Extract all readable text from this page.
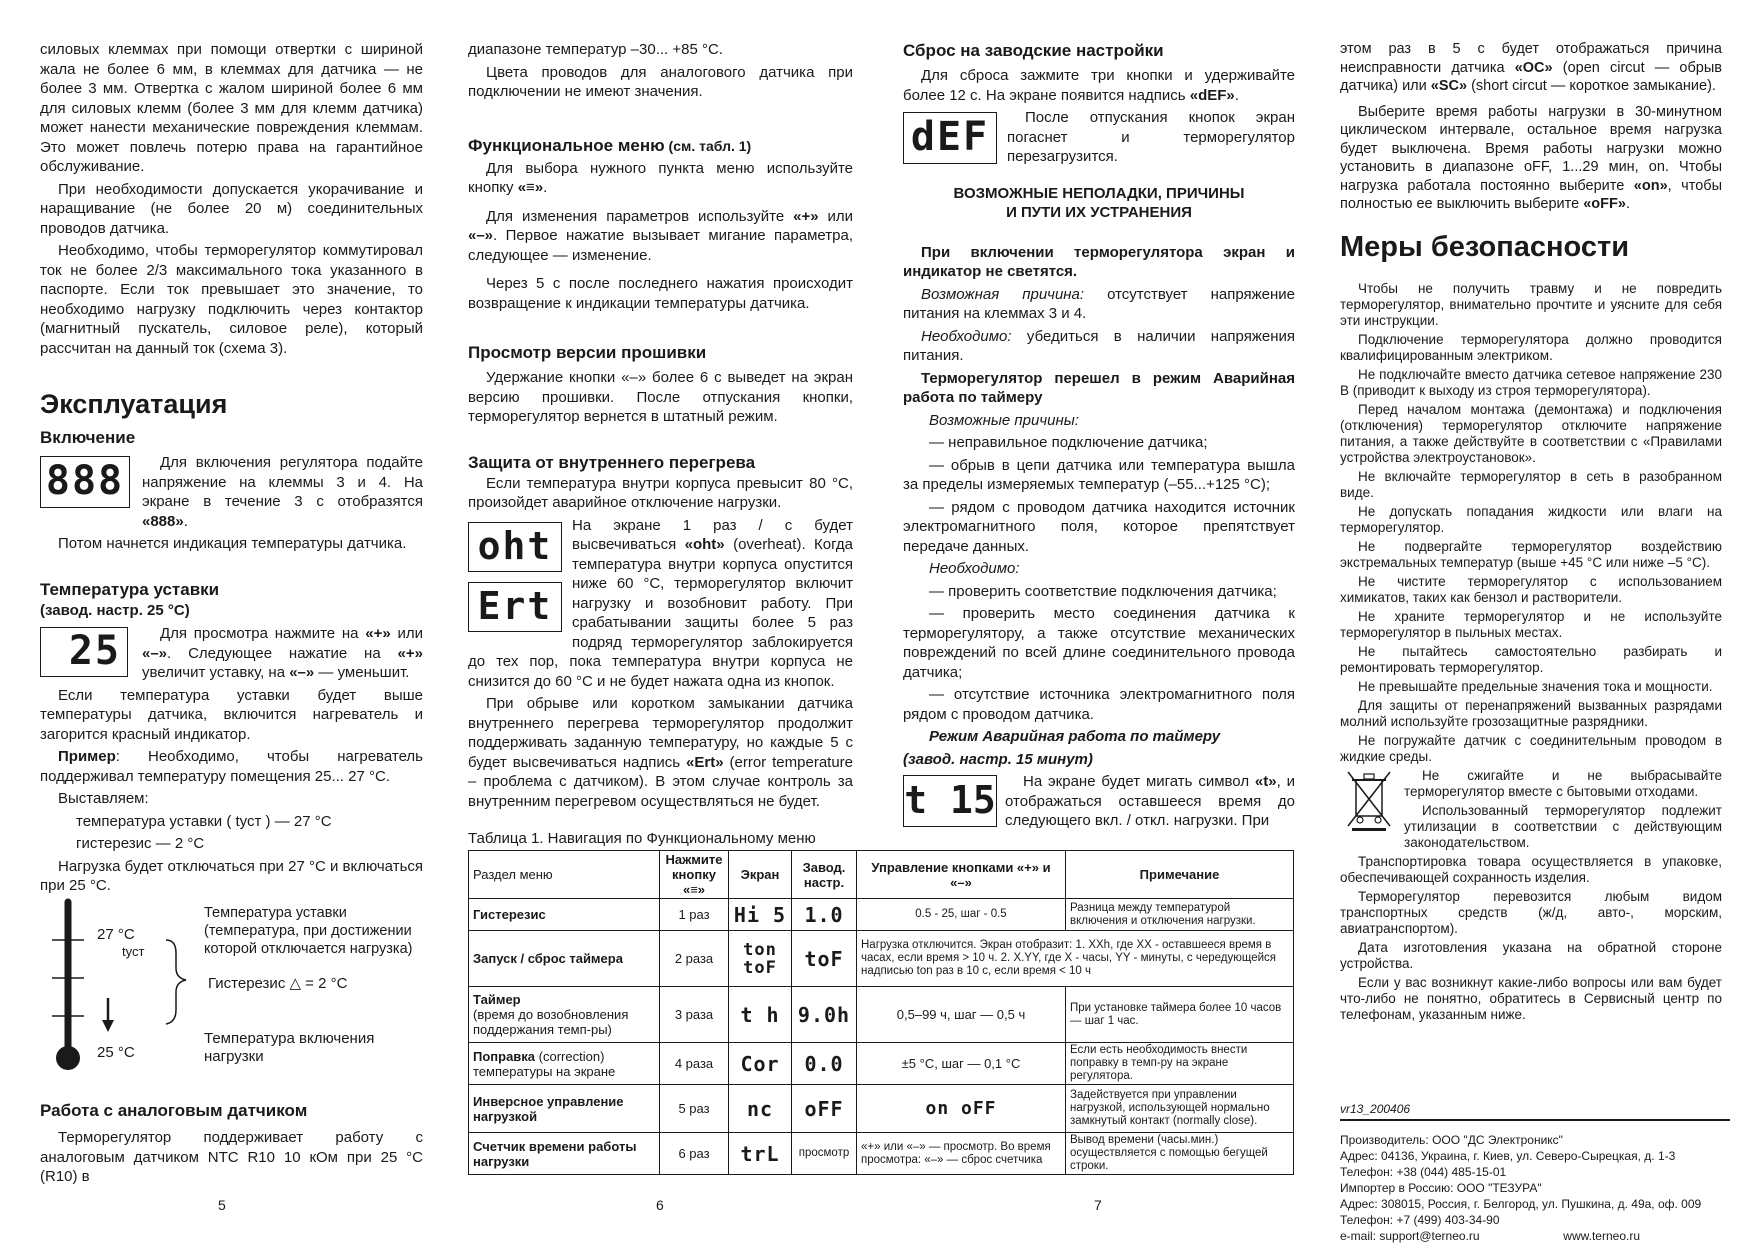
силовых клеммах при помощи отвертки с шириной жала не более 6 мм, в клеммах для датчика — не более 3 мм. Отвертка с жалом шириной более 6 мм для силовых клемм (более 3 мм для клемм датчика) может нанести механические повреждения клеммам. Это может повлечь потерю права на гарантийное обслуживание.

При необходимости допускается укорачивание и наращивание (не более 20 м) соединительных проводов датчика.

Необходимо, чтобы терморегулятор коммутировал ток не более 2/3 максимального тока указанного в паспорте. Если ток превышает это значение, то необходимо нагрузку подключить через контактор (магнитный пускатель, силовое реле), который рассчитан на данный ток (схема 3).

Эксплуатация
Включение
888	Для включения регулятора подайте напряжение на клеммы 3 и 4. На экране в течение 3 с отобразятся «888».

Потом начнется индикация температуры датчика.

Температура уставки
(завод. настр. 25 °С)
25	Для просмотра нажмите на «+» или «–». Следующее нажатие на «+» увеличит уставку, на «–» — уменьшит.

Если температура уставки будет выше температуры датчика, включится нагреватель и загорится красный индикатор.

Пример: Необходимо, чтобы нагреватель поддерживал температуру помещения 25... 27 °С.

Выставляем:

температура уставки ( tуст ) — 27 °С

гистерезис — 2 °С

Нагрузка будет отключаться при 27 °С и включаться при 25 °С.

27 °С
tуст
25 °С
Температура уставки (температура, при достижении которой отключается нагрузка)
Гистерезис △ = 2 °С
Температура включения нагрузки
Работа с аналоговым датчиком

Терморегулятор поддерживает работу с аналоговым датчиком NTC R10 10 кОм при 25 °С (R10) в

диапазоне температур –30... +85 °С.

Цвета проводов для аналогового датчика при подключении не имеют значения.

Функциональное меню (см. табл. 1)

Для выбора нужного пункта меню используйте кнопку «≡».

Для изменения параметров используйте «+» или «–». Первое нажатие вызывает мигание параметра, следующее — изменение.

Через 5 с после последнего нажатия происходит возвращение к индикации температуры датчика.

Просмотр версии прошивки

Удержание кнопки «–» более 6 с выведет на экран версию прошивки. После отпускания кнопки, терморегулятор вернется в штатный режим.

Защита от внутреннего перегрева

Если температура внутри корпуса превысит 80 °С, произойдет аварийное отключение нагрузки.

oht
Ert

На экране 1 раз / с будет высвечиваться «oht» (overheat). Когда температура внутри корпуса опустится ниже 60 °С, терморегулятор включит нагрузку и возобновит работу. При срабатывании защиты более 5 раз подряд терморегулятор заблокируется до тех пор, пока температура внутри корпуса не снизится до 60 °С и не будет нажата одна из кнопок.

При обрыве или коротком замыкании датчика внутреннего перегрева терморегулятор продолжит поддерживать заданную температуру, но каждые 5 с будет высвечиваться надпись «Ert» (error temperature – проблема с датчиком). В этом случае контроль за внутренним перегревом осуществляться не будет.

Таблица 1. Навигация по Функциональному меню
Раздел меню	Нажмите кнопку «≡»	Экран	Завод. настр.	Управление кнопками «+» и «–»	Примечание
Гистерезис	1 раз	Hi 5	1.0	0.5 - 25, шаг - 0.5	Разница между температурой включения и отключения нагрузки.
Запуск / сброс таймера	2 раза	ton toF	toF	Нагрузка отключится. Экран отобразит: 1. XXh, где XX - оставшееся время в часах, если время > 10 ч. 2. X.YY, где X - часы, YY - минуты, с чередующейся надписью ton раз в 10 с, если время < 10 ч	
Таймер
(время до возобновления поддержания темп-ры)	3 раза	t h	9.0h	0,5–99 ч, шаг — 0,5 ч	При установке таймера более 10 часов — шаг 1 час.
Поправка (correction) температуры на экране	4 раза	Cor	0.0	±5 °С, шаг — 0,1 °С	Если есть необходимость внести поправку в темп-ру на экране регулятора.
Инверсное управление нагрузкой	5 раз	nc	oFF	on oFF	Задействуется при управлении нагрузкой, использующей нормально замкнутый контакт (normally close).
Счетчик времени работы нагрузки	6 раз	trL	просмотр	«+» или «–» — просмотр. Во время просмотра: «–» — сброс счетчика	Вывод времени (часы.мин.) осуществляется с помощью бегущей строки.
Сброс на заводские настройки

Для сброса зажмите три кнопки и удерживайте более 12 с. На экране появится надпись «dEF».

dEF	После отпускания кнопок экран погаснет и терморегулятор перезагрузится.

ВОЗМОЖНЫЕ НЕПОЛАДКИ, ПРИЧИНЫ
И ПУТИ ИХ УСТРАНЕНИЯ

При включении терморегулятора экран и индикатор не светятся.

Возможная причина: отсутствует напряжение питания на клеммах 3 и 4.

Необходимо: убедиться в наличии напряжения питания.

Терморегулятор перешел в режим Аварийная работа по таймеру

Возможные причины:

— неправильное подключение датчика;

— обрыв в цепи датчика или температура вышла за пределы измеряемых температур (–55...+125 °С);

— рядом с проводом датчика находится источник электромагнитного поля, которое препятствует передаче данных.

Необходимо:

— проверить соответствие подключения датчика;

— проверить место соединения датчика к терморегулятору, а также отсутствие механических повреждений по всей длине соединительного провода датчика;

— отсутствие источника электромагнитного поля рядом с проводом датчика.

Режим Аварийная работа по таймеру

(завод. настр. 15 минут)

t 15	На экране будет мигать символ «t», и отображаться оставшееся время до следующего вкл. / откл. нагрузки. При

этом раз в 5 с будет отображаться причина неисправности датчика «OC» (open circut — обрыв датчика) или «SC» (short circut — короткое замыкание).

Выберите время работы нагрузки в 30-минутном циклическом интервале, остальное время нагрузка будет выключена. Время работы нагрузки можно установить в диапазоне oFF, 1...29 мин, on. Чтобы нагрузка работала постоянно выберите «on», чтобы полностью ее выключить выберите «oFF».

Меры безопасности

Чтобы не получить травму и не повредить терморегулятор, внимательно прочтите и уясните для себя эти инструкции.

Подключение терморегулятора должно проводится квалифицированным электриком.

Не подключайте вместо датчика сетевое напряжение 230 В (приводит к выходу из строя терморегулятора).

Перед началом монтажа (демонтажа) и подключения (отключения) терморегулятор отключите напряжение питания, а также действуйте в соответствии с «Правилами устройства электроустановок».

Не включайте терморегулятор в сеть в разобранном виде.

Не допускать попадания жидкости или влаги на терморегулятор.

Не подвергайте терморегулятор воздействию экстремальных температур (выше +45 °С или ниже –5 °С).

Не чистите терморегулятор с использованием химикатов, таких как бензол и растворители.

Не храните терморегулятор и не используйте терморегулятор в пыльных местах.

Не пытайтесь самостоятельно разбирать и ремонтировать терморегулятор.

Не превышайте предельные значения тока и мощности.

Для защиты от перенапряжений вызванных разрядами молний используйте грозозащитные разрядники.

Не погружайте датчик с соединительным проводом в жидкие среды.

Не сжигайте и не выбрасывайте терморегулятор вместе с бытовыми отходами.

Использованный терморегулятор подлежит утилизации в соответствии с действующим законодательством.

Транспортировка товара осуществляется в упаковке, обеспечивающей сохранность изделия.

Терморегулятор перевозится любым видом транспортных средств (ж/д, авто-, морским, авиатранспортом).

Дата изготовления указана на обратной стороне устройства.

Если у вас возникнут какие-либо вопросы или вам будет что-либо не понятно, обратитесь в Сервисный центр по телефонам, указанным ниже.

vr13_200406
Производитель: ООО "ДС Электроникс"
Адрес: 04136, Украина, г. Киев, ул. Северо-Сырецкая, д. 1-3
Телефон: +38 (044) 485-15-01
Импортер в Россию: ООО "ТЕЗУРА"
Адрес: 308015, Россия, г. Белгород, ул. Пушкина, д. 49а, оф. 009
Телефон: +7 (499) 403-34-90
e-mail: support@terneo.ru	www.terneo.ru
5	6	7
